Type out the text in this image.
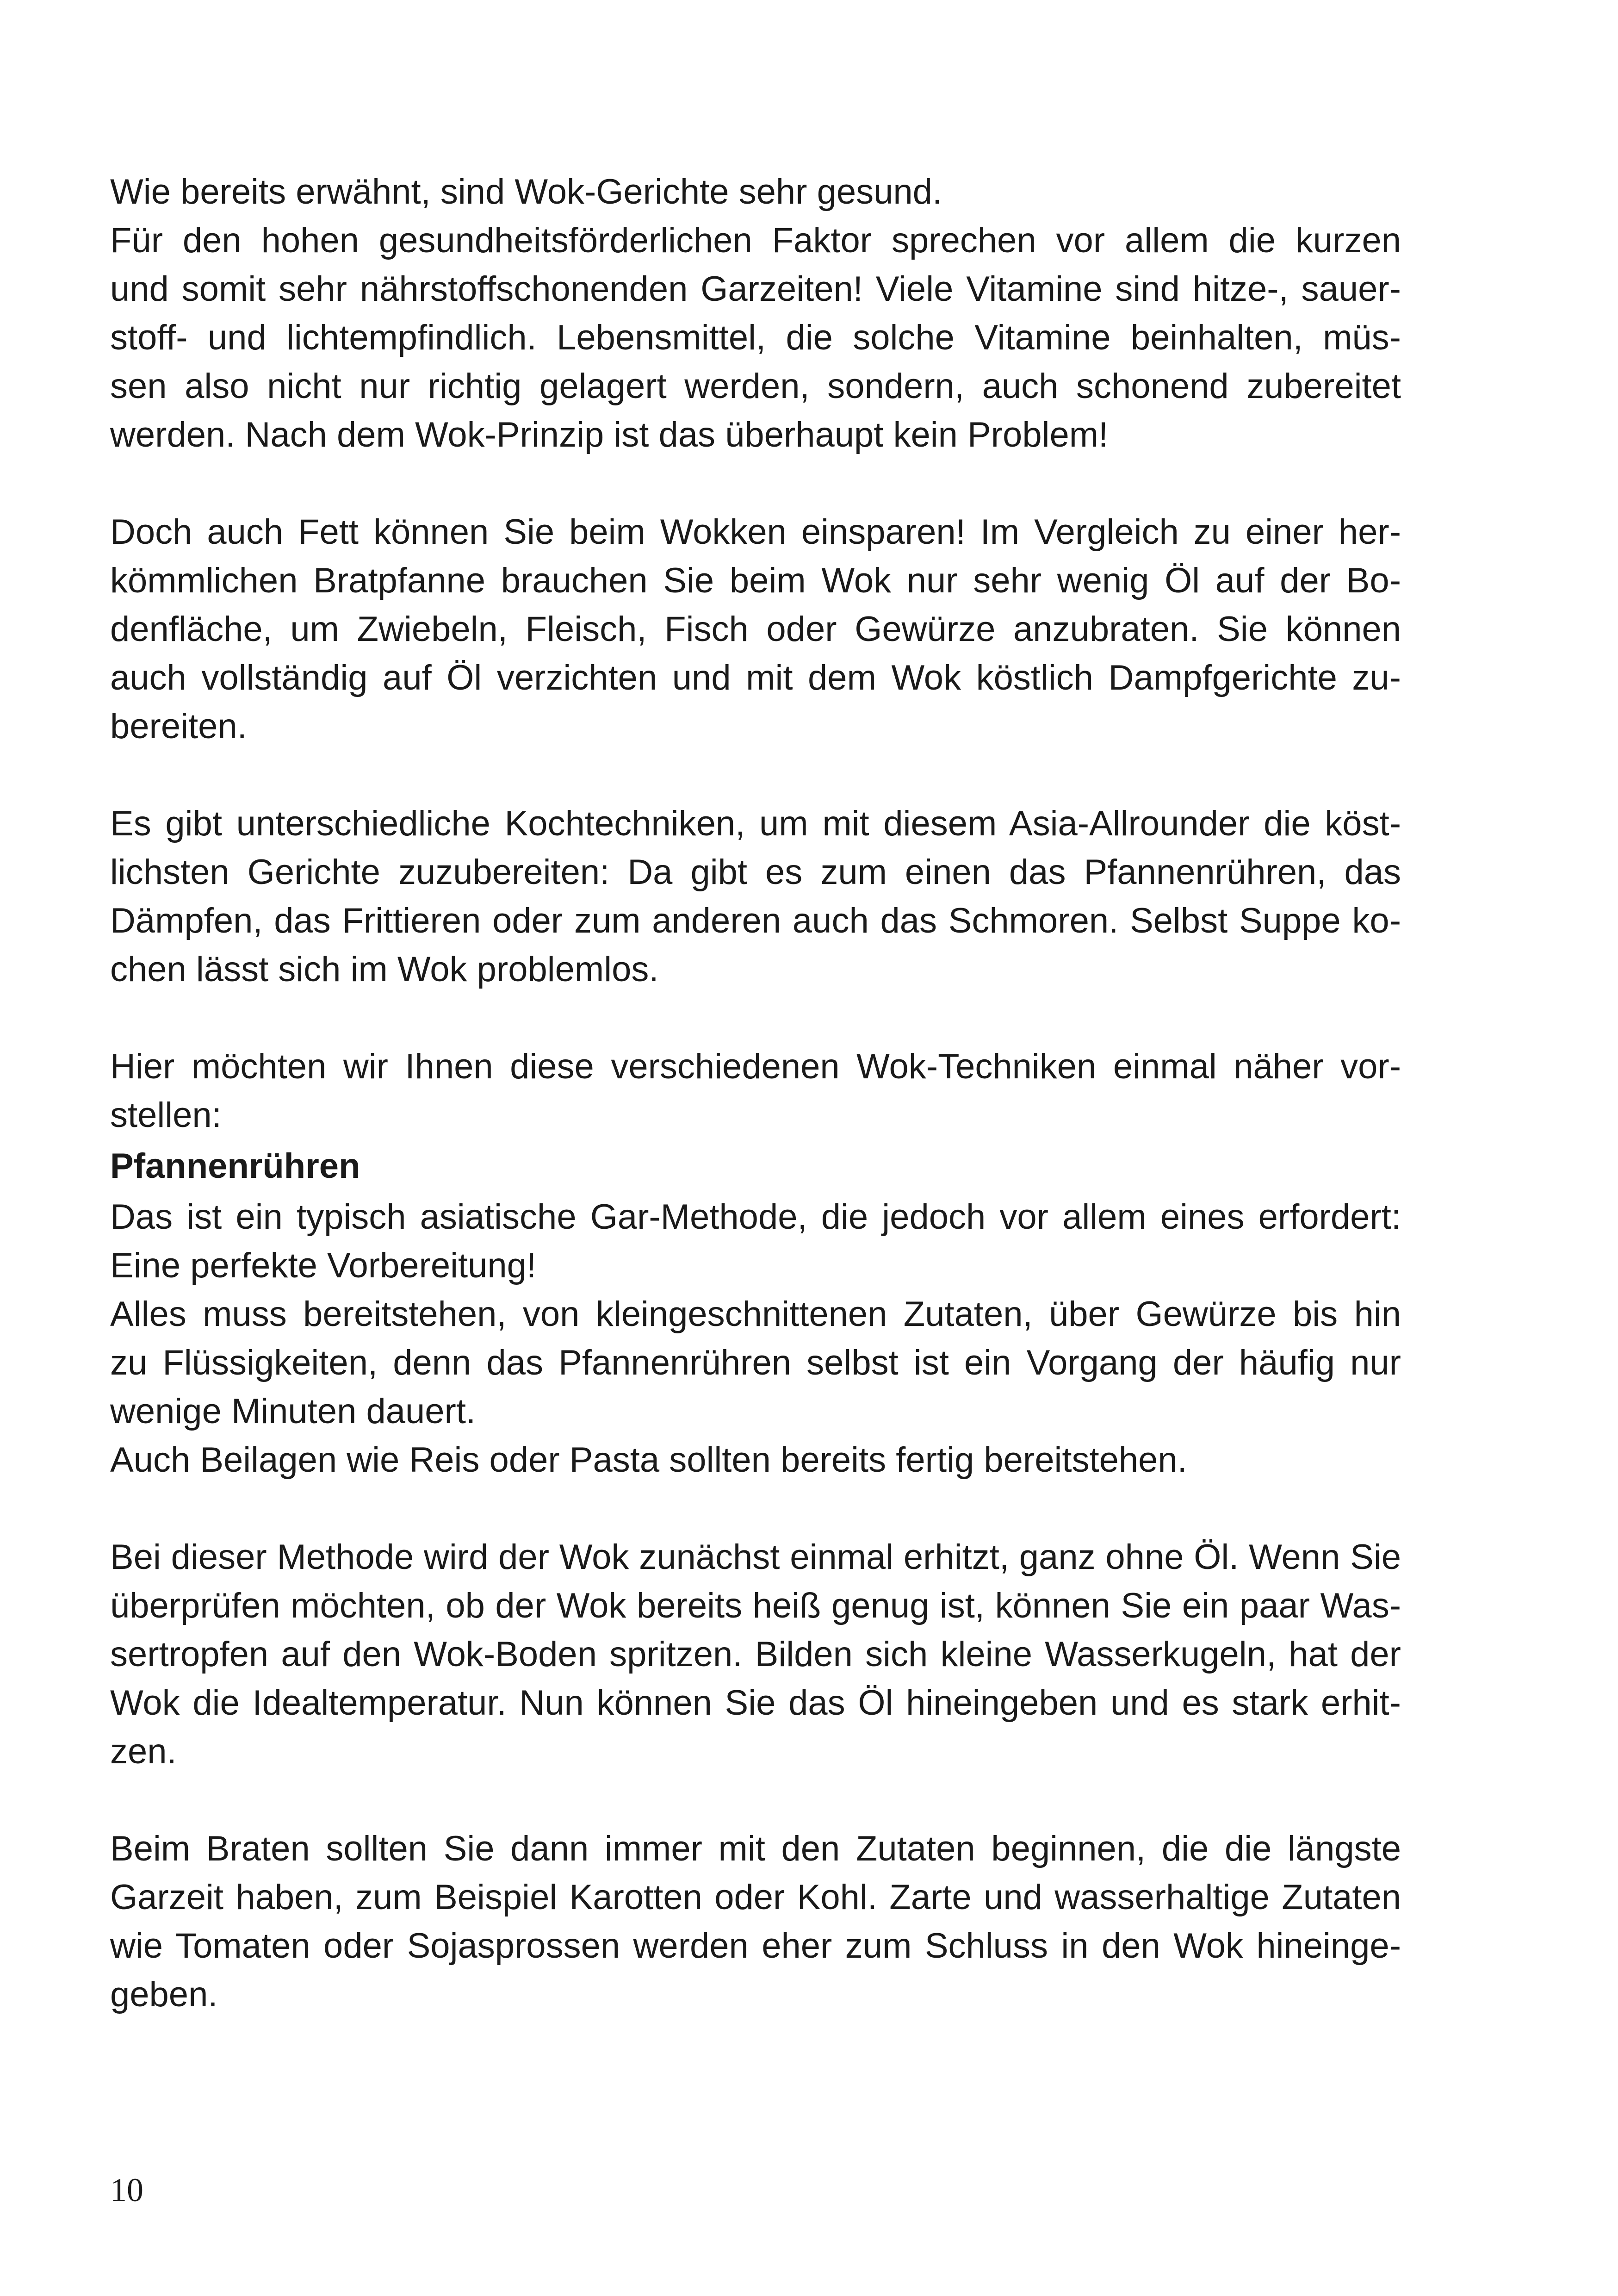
Wie bereits erwähnt, sind Wok-Gerichte sehr gesund.
Für den hohen gesundheitsförderlichen Faktor sprechen vor allem die kurzen
und somit sehr nährstoffschonenden Garzeiten! Viele Vitamine sind hitze-, sauer-
stoff- und lichtempfindlich. Lebensmittel, die solche Vitamine beinhalten, müs-
sen also nicht nur richtig gelagert werden, sondern, auch schonend zubereitet
werden. Nach dem Wok-Prinzip ist das überhaupt kein Problem!
Doch auch Fett können Sie beim Wokken einsparen! Im Vergleich zu einer her-
kömmlichen Bratpfanne brauchen Sie beim Wok nur sehr wenig Öl auf der Bo-
denfläche, um Zwiebeln, Fleisch, Fisch oder Gewürze anzubraten. Sie können
auch vollständig auf Öl verzichten und mit dem Wok köstlich Dampfgerichte zu-
bereiten.
Es gibt unterschiedliche Kochtechniken, um mit diesem Asia-Allrounder die köst-
lichsten Gerichte zuzubereiten: Da gibt es zum einen das Pfannenrühren, das
Dämpfen, das Frittieren oder zum anderen auch das Schmoren. Selbst Suppe ko-
chen lässt sich im Wok problemlos.
Hier möchten wir Ihnen diese verschiedenen Wok-Techniken einmal näher vor-
stellen:
Pfannenrühren
Das ist ein typisch asiatische Gar-Methode, die jedoch vor allem eines erfordert:
Eine perfekte Vorbereitung!
Alles muss bereitstehen, von kleingeschnittenen Zutaten, über Gewürze bis hin
zu Flüssigkeiten, denn das Pfannenrühren selbst ist ein Vorgang der häufig nur
wenige Minuten dauert.
Auch Beilagen wie Reis oder Pasta sollten bereits fertig bereitstehen.
Bei dieser Methode wird der Wok zunächst einmal erhitzt, ganz ohne Öl. Wenn Sie
überprüfen möchten, ob der Wok bereits heiß genug ist, können Sie ein paar Was-
sertropfen auf den Wok-Boden spritzen. Bilden sich kleine Wasserkugeln, hat der
Wok die Idealtemperatur. Nun können Sie das Öl hineingeben und es stark erhit-
zen.
Beim Braten sollten Sie dann immer mit den Zutaten beginnen, die die längste
Garzeit haben, zum Beispiel Karotten oder Kohl. Zarte und wasserhaltige Zutaten
wie Tomaten oder Sojasprossen werden eher zum Schluss in den Wok hineinge-
geben.
10
